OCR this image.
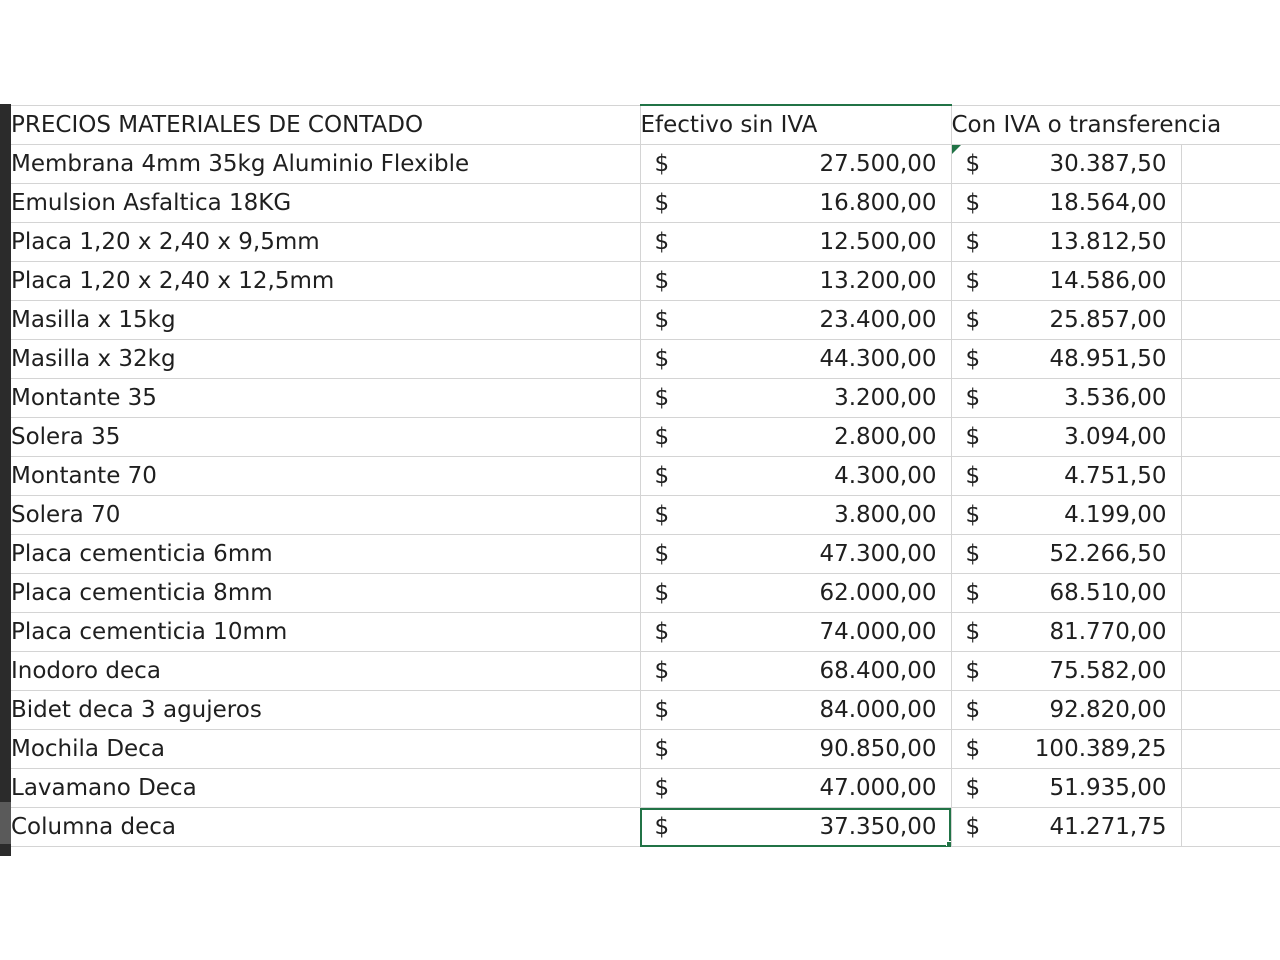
PRECIOS MATERIALES DE CONTADO	Efectivo sin IVA	Con IVA o transferencia	
Membrana 4mm 35kg Aluminio Flexible	$ 27.500,00	$ 30.387,50	

Emulsion Asfaltica 18KG	$ 16.800,00	$ 18.564,00	

Placa 1,20 x 2,40 x 9,5mm	$ 12.500,00	$ 13.812,50	

Placa 1,20 x 2,40 x 12,5mm	$ 13.200,00	$ 14.586,00	

Masilla x 15kg	$ 23.400,00	$ 25.857,00	

Masilla x 32kg	$ 44.300,00	$ 48.951,50	

Montante 35	$ 3.200,00	$ 3.536,00	

Solera 35	$ 2.800,00	$ 3.094,00	

Montante 70	$ 4.300,00	$ 4.751,50	

Solera 70	$ 3.800,00	$ 4.199,00	

Placa cementicia 6mm	$ 47.300,00	$ 52.266,50	

Placa cementicia 8mm	$ 62.000,00	$ 68.510,00	

Placa cementicia 10mm	$ 74.000,00	$ 81.770,00	

Inodoro deca	$ 68.400,00	$ 75.582,00	

Bidet deca 3 agujeros	$ 84.000,00	$ 92.820,00	

Mochila Deca	$ 90.850,00	$ 100.389,25	

Lavamano Deca	$ 47.000,00	$ 51.935,00	

Columna deca	$ 37.350,00	$ 41.271,75	
